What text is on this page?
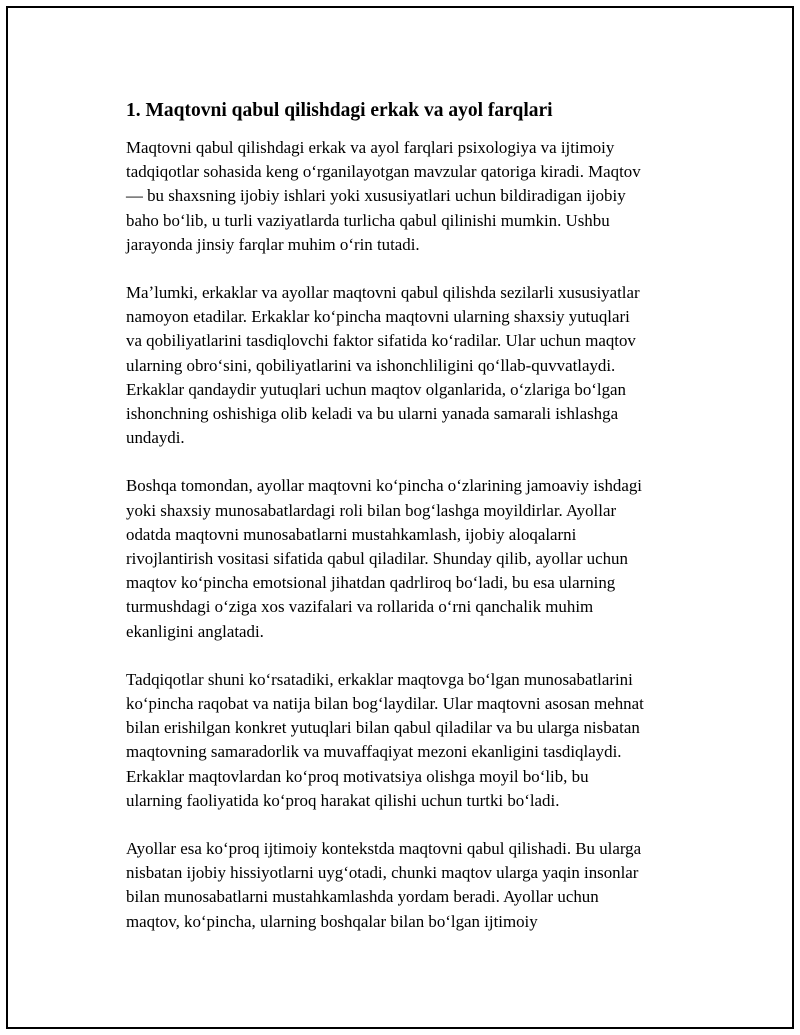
1. Maqtovni qabul qilishdagi erkak va ayol farqlari

Maqtovni qabul qilishdagi erkak va ayol farqlari psixologiya va ijtimoiy
tadqiqotlar sohasida keng oʻrganilayotgan mavzular qatoriga kiradi. Maqtov
— bu shaxsning ijobiy ishlari yoki xususiyatlari uchun bildiradigan ijobiy
baho boʻlib, u turli vaziyatlarda turlicha qabul qilinishi mumkin. Ushbu
jarayonda jinsiy farqlar muhim oʻrin tutadi.

Maʼlumki, erkaklar va ayollar maqtovni qabul qilishda sezilarli xususiyatlar
namoyon etadilar. Erkaklar koʻpincha maqtovni ularning shaxsiy yutuqlari
va qobiliyatlarini tasdiqlovchi faktor sifatida koʻradilar. Ular uchun maqtov
ularning obroʻsini, qobiliyatlarini va ishonchliligini qoʻllab-quvvatlaydi.
Erkaklar qandaydir yutuqlari uchun maqtov olganlarida, oʻzlariga boʻlgan
ishonchning oshishiga olib keladi va bu ularni yanada samarali ishlashga
undaydi.

Boshqa tomondan, ayollar maqtovni koʻpincha oʻzlarining jamoaviy ishdagi
yoki shaxsiy munosabatlardagi roli bilan bogʻlashga moyildirlar. Ayollar
odatda maqtovni munosabatlarni mustahkamlash, ijobiy aloqalarni
rivojlantirish vositasi sifatida qabul qiladilar. Shunday qilib, ayollar uchun
maqtov koʻpincha emotsional jihatdan qadrliroq boʻladi, bu esa ularning
turmushdagi oʻziga xos vazifalari va rollarida oʻrni qanchalik muhim
ekanligini anglatadi.

Tadqiqotlar shuni koʻrsatadiki, erkaklar maqtovga boʻlgan munosabatlarini
koʻpincha raqobat va natija bilan bogʻlaydilar. Ular maqtovni asosan mehnat
bilan erishilgan konkret yutuqlari bilan qabul qiladilar va bu ularga nisbatan
maqtovning samaradorlik va muvaffaqiyat mezoni ekanligini tasdiqlaydi.
Erkaklar maqtovlardan koʻproq motivatsiya olishga moyil boʻlib, bu
ularning faoliyatida koʻproq harakat qilishi uchun turtki boʻladi.

Ayollar esa koʻproq ijtimoiy kontekstda maqtovni qabul qilishadi. Bu ularga
nisbatan ijobiy hissiyotlarni uygʻotadi, chunki maqtov ularga yaqin insonlar
bilan munosabatlarni mustahkamlashda yordam beradi. Ayollar uchun
maqtov, koʻpincha, ularning boshqalar bilan boʻlgan ijtimoiy
